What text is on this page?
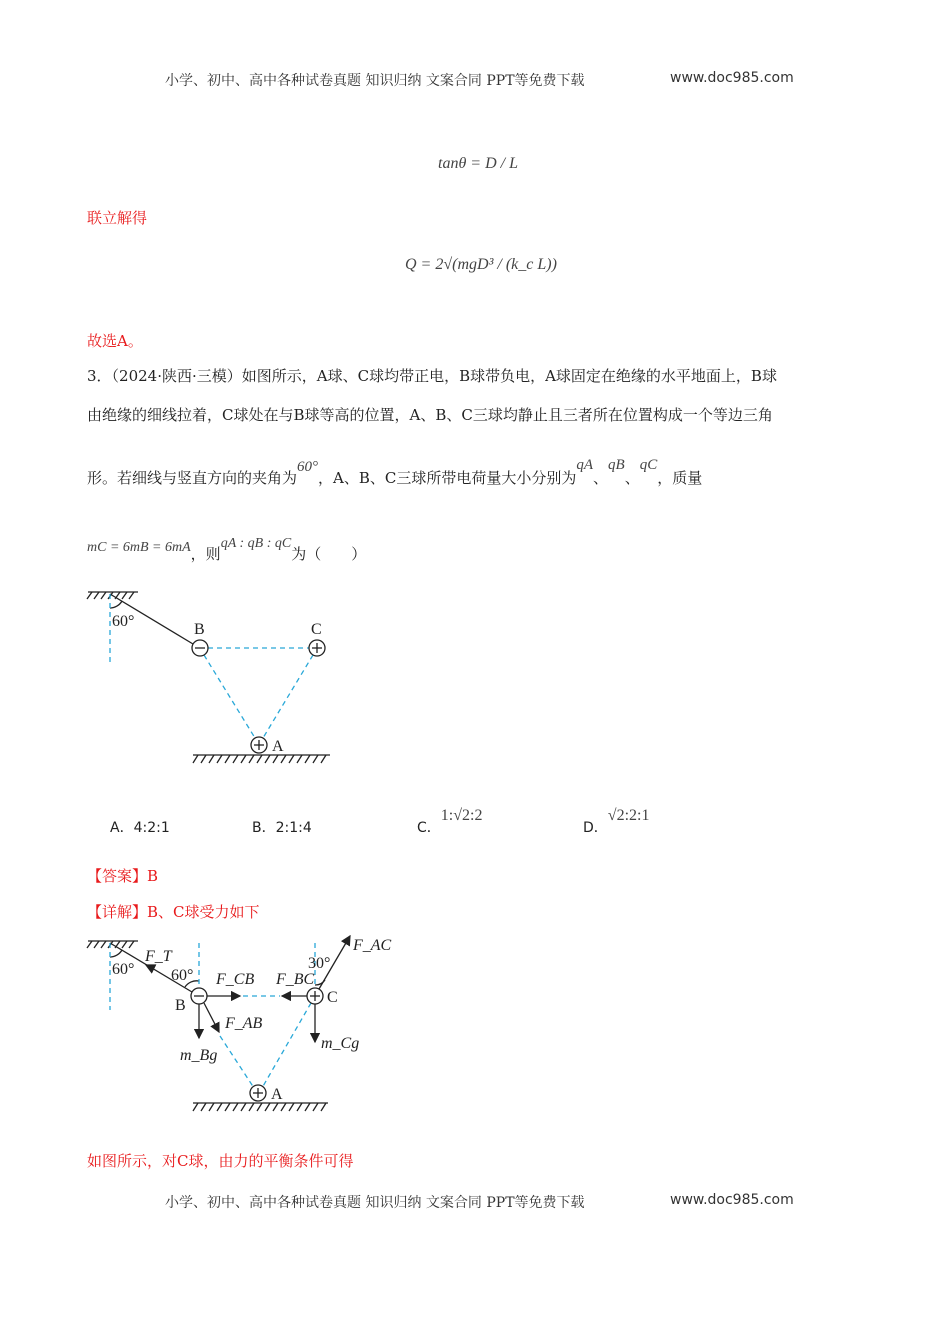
小学、初中、高中各种试卷真题 知识归纳 文案合同 PPT等免费下载	www.doc985.com
tanθ = D / L
联立解得
Q = 2√(mgD³ / (k_c L))
故选A。
3．（2024·陕西·三模）如图所示，A球、C球均带正电，B球带负电，A球固定在绝缘的水平地面上，B球
由绝缘的细线拉着，C球处在与B球等高的位置，A、B、C三球均静止且三者所在位置构成一个等边三角
形。若细线与竖直方向的夹角为60°，A、B、C三球所带电荷量大小分别为qA、qB、qC，质量
mC = 6mB = 6mA，则qA : qB : qC为（　　）
60°	B	C
A
A．4:2:1	B．2:1:4	C．1:√2:2
D．√2:2:1
【答案】B
【详解】B、C球受力如下
60° 60°
F_T
F_CB F_BC
F_AB
m_Bg
m_Cg
30°
F_AC
B	C
A
如图所示，对C球，由力的平衡条件可得
小学、初中、高中各种试卷真题 知识归纳 文案合同 PPT等免费下载	www.doc985.com
